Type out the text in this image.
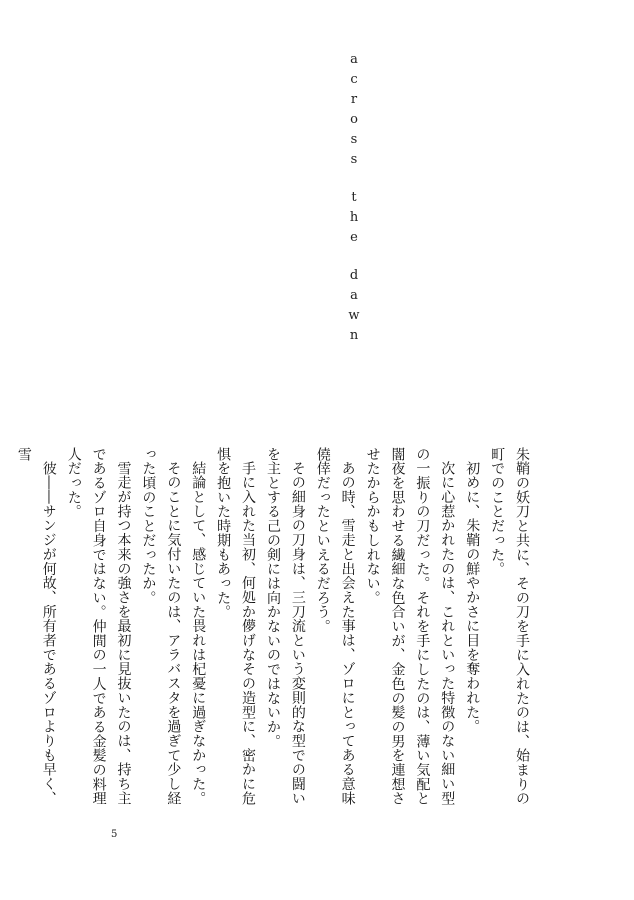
a
c
r
o
s
s
t
h
e
d
a
w
n

朱鞘の妖刀と共に、その刀を手に入れたのは、始まりの町でのことだった。

初めに、朱鞘の鮮やかさに目を奪われた。

次に心惹かれたのは、これといった特徴のない細い型の一振りの刀だった。それを手にしたのは、薄い気配と闇夜を思わせる繊細な色合いが、金色の髪の男を連想させたからかもしれない。

あの時、雪走と出会えた事は、ゾロにとってある意味僥倖だったといえるだろう。

その細身の刀身は、三刀流という変則的な型での闘いを主とする己の剣には向かないのではないか。

手に入れた当初、何処か儚げなその造型に、密かに危惧を抱いた時期もあった。

結論として、感じていた畏れは杞憂に過ぎなかった。

そのことに気付いたのは、アラバスタを過ぎて少し経った頃のことだったか。

雪走が持つ本来の強さを最初に見抜いたのは、持ち主であるゾロ自身ではない。仲間の一人である金髪の料理人だった。

彼――サンジが何故、所有者であるゾロよりも早く、雪

5
